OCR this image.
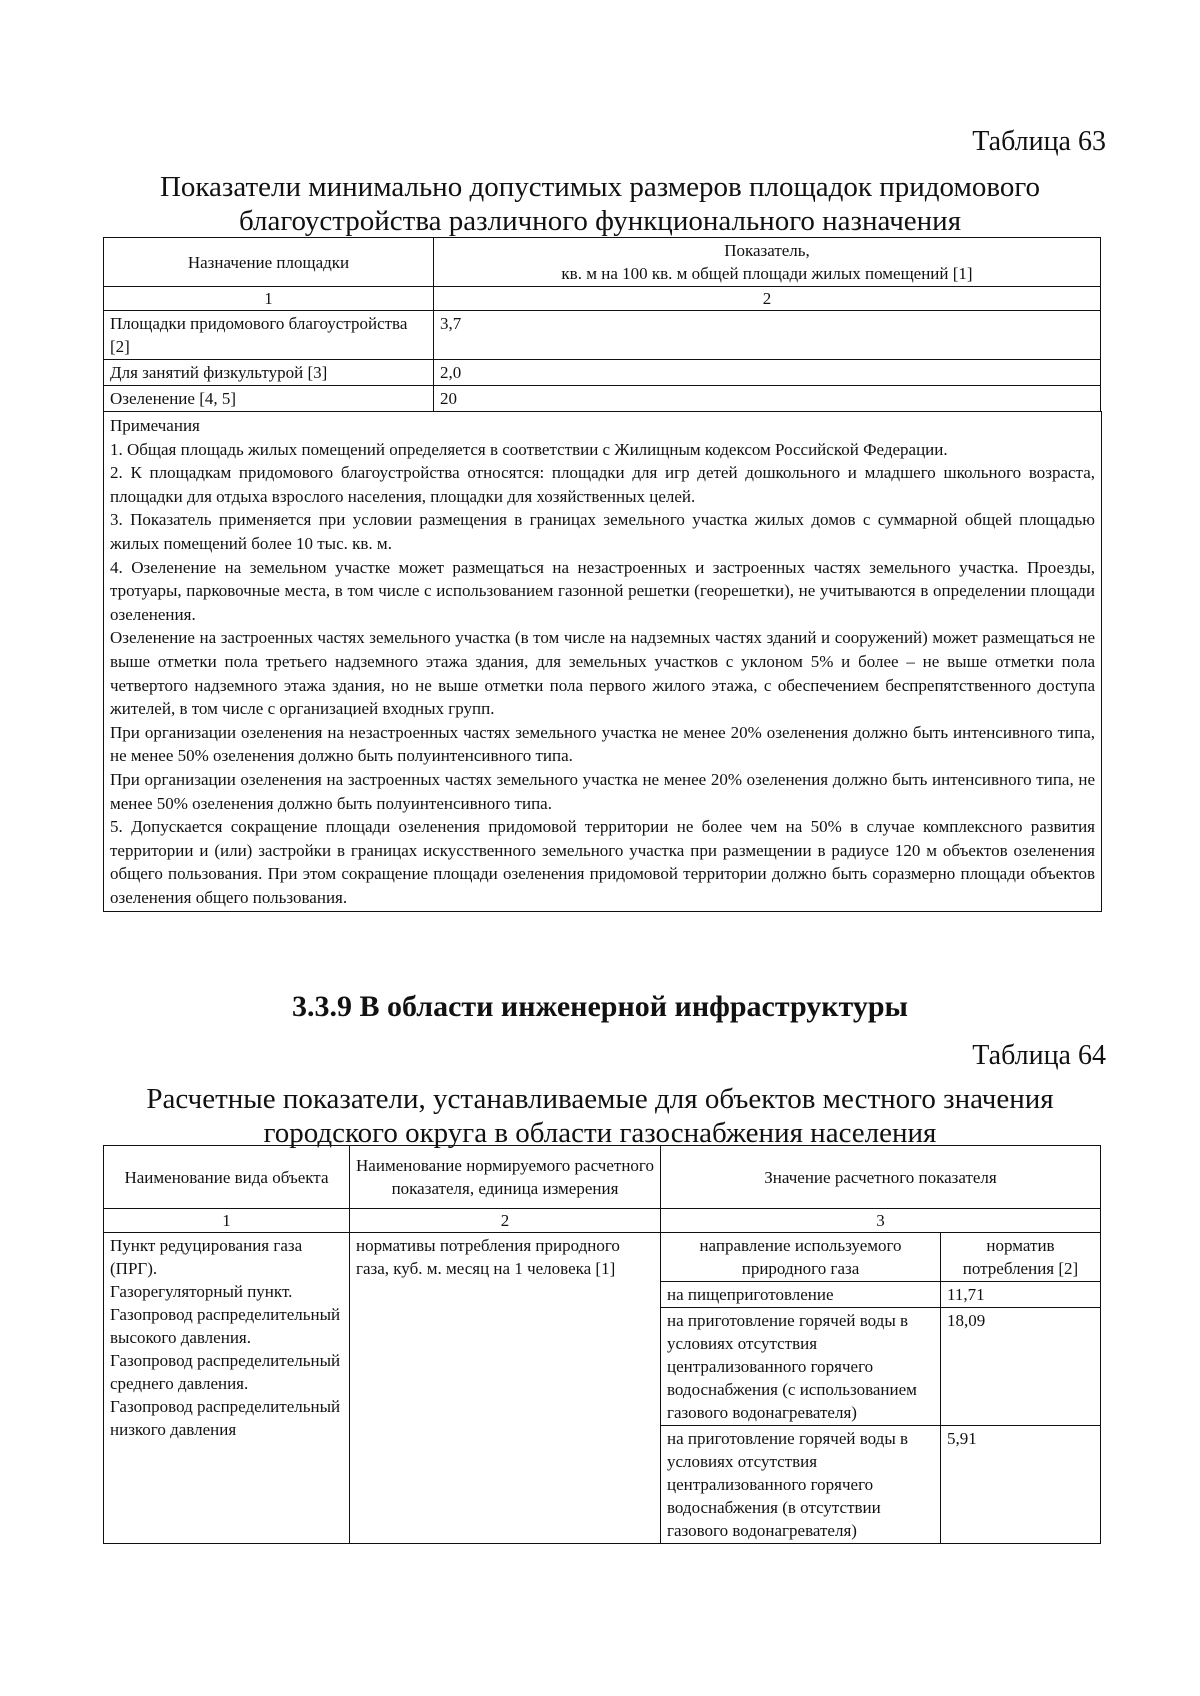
Таблица 63
Показатели минимально допустимых размеров площадок придомового
благоустройства различного функционального назначения
Назначение площадки	Показатель,
кв. м на 100 кв. м общей площади жилых помещений [1]

1	2
Площадки придомового благоустройства [2]	3,7
Для занятий физкультурой [3]	2,0
Озеленение [4, 5]	20
Примечания
1. Общая площадь жилых помещений определяется в соответствии с Жилищным кодексом Российской Федерации.
2. К площадкам придомового благоустройства относятся: площадки для игр детей дошкольного и младшего школьного возраста, площадки для отдыха взрослого населения, площадки для хозяйственных целей.
3. Показатель применяется при условии размещения в границах земельного участка жилых домов с суммарной общей площадью жилых помещений более 10 тыс. кв. м.
4. Озеленение на земельном участке может размещаться на незастроенных и застроенных частях земельного участка. Проезды, тротуары, парковочные места, в том числе с использованием газонной решетки (георешетки), не учитываются в определении площади озеленения.
Озеленение на застроенных частях земельного участка (в том числе на надземных частях зданий и сооружений) может размещаться не выше отметки пола третьего надземного этажа здания, для земельных участков с уклоном 5% и более – не выше отметки пола четвертого надземного этажа здания, но не выше отметки пола первого жилого этажа, с обеспечением беспрепятственного доступа жителей, в том числе с организацией входных групп.
При организации озеленения на незастроенных частях земельного участка не менее 20% озеленения должно быть интенсивного типа, не менее 50% озеленения должно быть полуинтенсивного типа.
При организации озеленения на застроенных частях земельного участка не менее 20% озеленения должно быть интенсивного типа, не менее 50% озеленения должно быть полуинтенсивного типа.
5. Допускается сокращение площади озеленения придомовой территории не более чем на 50% в случае комплексного развития территории и (или) застройки в границах искусственного земельного участка при размещении в радиусе 120 м объектов озеленения общего пользования. При этом сокращение площади озеленения придомовой территории должно быть соразмерно площади объектов озеленения общего пользования.
3.3.9 В области инженерной инфраструктуры
Таблица 64
Расчетные показатели, устанавливаемые для объектов местного значения
городского округа в области газоснабжения населения
Наименование вида объекта	Наименование нормируемого расчетного показателя, единица измерения	Значение расчетного показателя	
1	2	3	

Пункт редуцирования газа (ПРГ).
Газорегуляторный пункт.
Газопровод распределительный высокого давления.
Газопровод распределительный среднего давления.
Газопровод распределительный низкого давления	нормативы потребления природного газа, куб. м. месяц на 1 человека [1]	направление используемого природного газа	норматив потребления [2]
		на пищеприготовление	11,71
		на приготовление горячей воды в условиях отсутствия централизованного горячего водоснабжения (с использованием газового водонагревателя)	18,09
		на приготовление горячей воды в условиях отсутствия централизованного горячего водоснабжения (в отсутствии газового водонагревателя)	5,91
